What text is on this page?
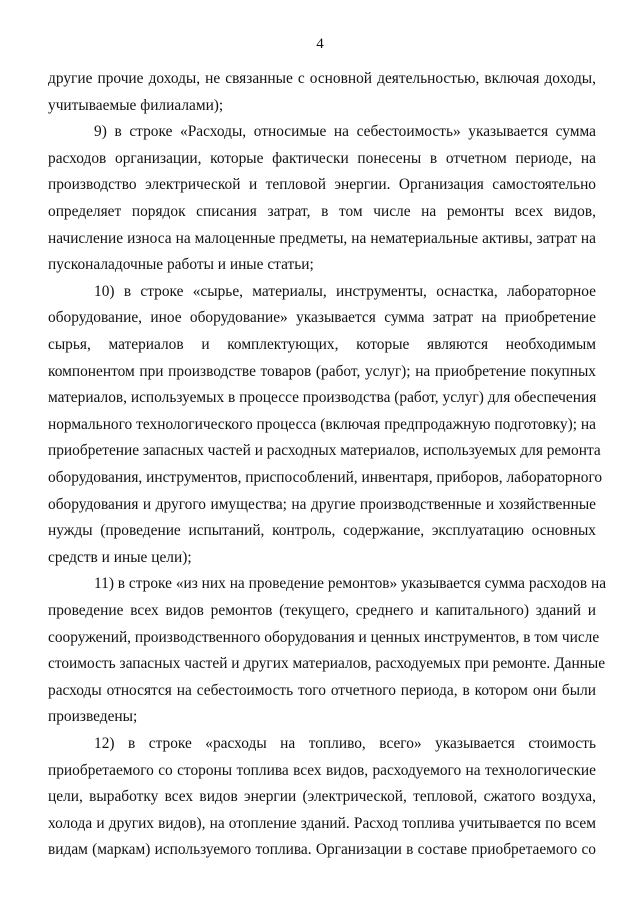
4
другие прочие доходы, не связанные с основной деятельностью, включая доходы,
учитываемые филиалами);
9) в строке «Расходы, относимые на себестоимость» указывается сумма
расходов организации, которые фактически понесены в отчетном периоде, на
производство электрической и тепловой энергии. Организация самостоятельно
определяет порядок списания затрат, в том числе на ремонты всех видов,
начисление износа на малоценные предметы, на нематериальные активы, затрат на
пусконаладочные работы и иные статьи;
10) в строке «сырье, материалы, инструменты, оснастка, лабораторное
оборудование, иное оборудование» указывается сумма затрат на приобретение
сырья, материалов и комплектующих, которые являются необходимым
компонентом при производстве товаров (работ, услуг); на приобретение покупных
материалов, используемых в процессе производства (работ, услуг) для обеспечения
нормального технологического процесса (включая предпродажную подготовку); на
приобретение запасных частей и расходных материалов, используемых для ремонта
оборудования, инструментов, приспособлений, инвентаря, приборов, лабораторного
оборудования и другого имущества; на другие производственные и хозяйственные
нужды (проведение испытаний, контроль, содержание, эксплуатацию основных
средств и иные цели);
11) в строке «из них на проведение ремонтов» указывается сумма расходов на
проведение всех видов ремонтов (текущего, среднего и капитального) зданий и
сооружений, производственного оборудования и ценных инструментов, в том числе
стоимость запасных частей и других материалов, расходуемых при ремонте. Данные
расходы относятся на себестоимость того отчетного периода, в котором они были
произведены;
12) в строке «расходы на топливо, всего» указывается стоимость
приобретаемого со стороны топлива всех видов, расходуемого на технологические
цели, выработку всех видов энергии (электрической, тепловой, сжатого воздуха,
холода и других видов), на отопление зданий. Расход топлива учитывается по всем
видам (маркам) используемого топлива. Организации в составе приобретаемого со
